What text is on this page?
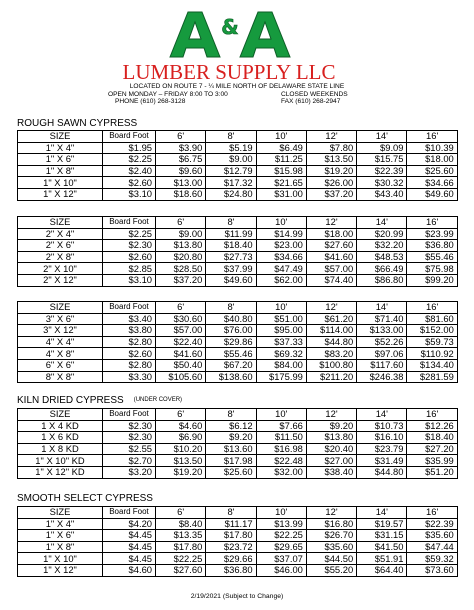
&
LUMBER SUPPLY LLC
LOCATED ON ROUTE 7 - ¼ MILE NORTH OF DELAWARE STATE LINE
OPEN MONDAY – FRIDAY 8:00 TO 3:00	CLOSED WEEKENDS
PHONE (610) 268-3128	FAX (610) 268-2947
ROUGH SAWN CYPRESS
KILN DRIED CYPRESS (UNDER COVER)
SMOOTH SELECT CYPRESS
SIZE	Board Foot	6'	8'	10'	12'	14'	16'
1" X 4"	$1.95	$3.90	$5.19	$6.49	$7.80	$9.09	$10.39
1" X 6"	$2.25	$6.75	$9.00	$11.25	$13.50	$15.75	$18.00
1" X 8"	$2.40	$9.60	$12.79	$15.98	$19.20	$22.39	$25.60
1" X 10"	$2.60	$13.00	$17.32	$21.65	$26.00	$30.32	$34.66
1" X 12"	$3.10	$18.60	$24.80	$31.00	$37.20	$43.40	$49.60
SIZE	Board Foot	6'	8'	10'	12'	14'	16'
2" X 4"	$2.25	$9.00	$11.99	$14.99	$18.00	$20.99	$23.99
2" X 6"	$2.30	$13.80	$18.40	$23.00	$27.60	$32.20	$36.80
2" X 8"	$2.60	$20.80	$27.73	$34.66	$41.60	$48.53	$55.46
2" X 10"	$2.85	$28.50	$37.99	$47.49	$57.00	$66.49	$75.98
2" X 12"	$3.10	$37.20	$49.60	$62.00	$74.40	$86.80	$99.20
SIZE	Board Foot	6'	8'	10'	12'	14'	16'
3" X 6"	$3.40	$30.60	$40.80	$51.00	$61.20	$71.40	$81.60
3" X 12"	$3.80	$57.00	$76.00	$95.00	$114.00	$133.00	$152.00
4" X 4"	$2.80	$22.40	$29.86	$37.33	$44.80	$52.26	$59.73
4" X 8"	$2.60	$41.60	$55.46	$69.32	$83.20	$97.06	$110.92
6" X 6"	$2.80	$50.40	$67.20	$84.00	$100.80	$117.60	$134.40
8" X 8"	$3.30	$105.60	$138.60	$175.99	$211.20	$246.38	$281.59
SIZE	Board Foot	6'	8'	10'	12'	14'	16'
1 X 4 KD	$2.30	$4.60	$6.12	$7.66	$9.20	$10.73	$12.26
1 X 6 KD	$2.30	$6.90	$9.20	$11.50	$13.80	$16.10	$18.40
1 X 8 KD	$2.55	$10.20	$13.60	$16.98	$20.40	$23.79	$27.20
1" X 10" KD	$2.70	$13.50	$17.98	$22.48	$27.00	$31.49	$35.99
1" X 12" KD	$3.20	$19.20	$25.60	$32.00	$38.40	$44.80	$51.20
SIZE	Board Foot	6'	8'	10'	12'	14'	16'
1" X 4"	$4.20	$8.40	$11.17	$13.99	$16.80	$19.57	$22.39
1" X 6"	$4.45	$13.35	$17.80	$22.25	$26.70	$31.15	$35.60
1" X 8"	$4.45	$17.80	$23.72	$29.65	$35.60	$41.50	$47.44
1" X 10"	$4.45	$22.25	$29.66	$37.07	$44.50	$51.91	$59.32
1" X 12"	$4.60	$27.60	$36.80	$46.00	$55.20	$64.40	$73.60
2/19/2021 (Subject to Change)
